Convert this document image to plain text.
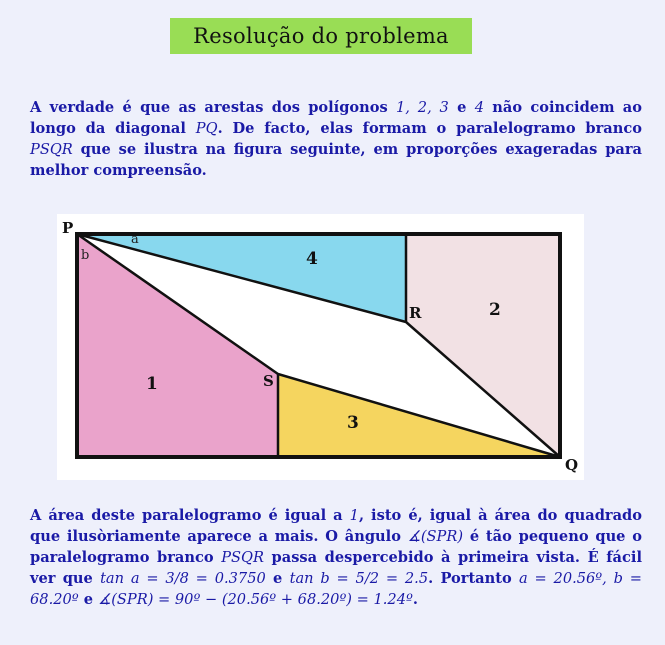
Resolução do problema
A verdade é que as arestas dos polígonos 1, 2, 3 e 4 não coincidem ao longo da diagonal PQ. De facto, elas formam o paralelogramo branco PSQR que se ilustra na figura seguinte, em proporções exageradas para melhor compreensão.
P
Q
R
S
a
b
1
2
3
4
A área deste paralelogramo é igual a 1, isto é, igual à área do quadrado que ilusòriamente aparece a mais. O ângulo ∡(SPR) é tão pequeno que o paralelogramo branco PSQR passa despercebido à primeira vista. É fácil ver que tan a = 3/8 = 0.3750 e tan b = 5/2 = 2.5. Portanto a = 20.56º, b = 68.20º e ∡(SPR) = 90º − (20.56º + 68.20º) = 1.24º.
